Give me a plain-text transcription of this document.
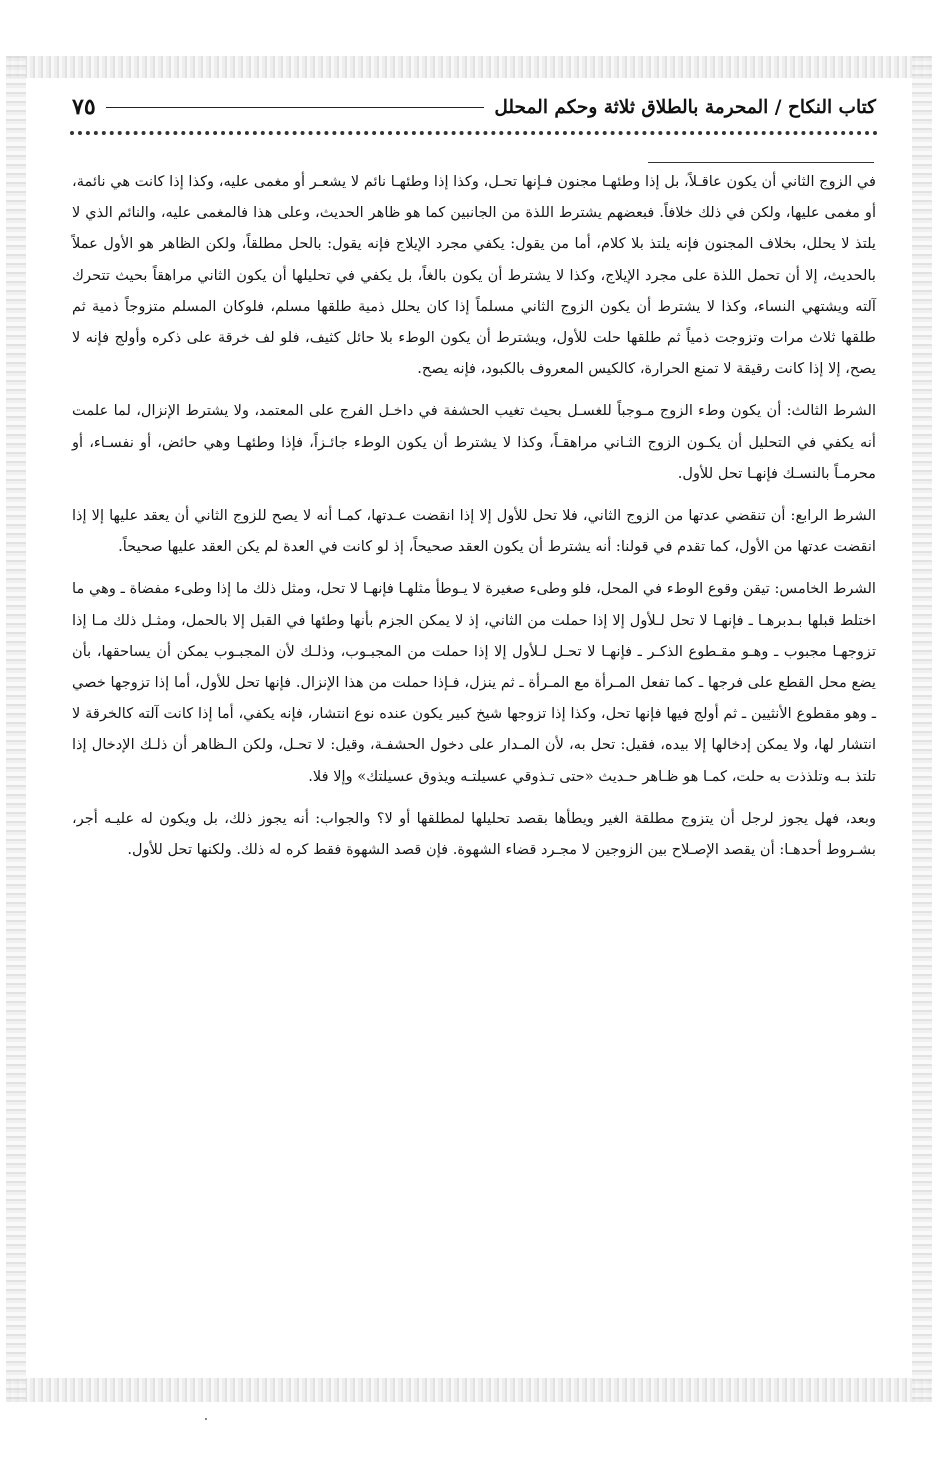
كتاب النكاح / المحرمة بالطلاق ثلاثة وحكم المحلل
٧٥

في الزوج الثاني أن يكون عاقـلاً، بل إذا وطئهـا مجنون فـإنها تحـل، وكذا إذا وطئهـا نائم لا يشعـر أو مغمى عليه، وكذا إذا كانت هي نائمة، أو مغمى عليها، ولكن في ذلك خلافاً. فبعضهم يشترط اللذة من الجانبين كما هو ظاهر الحديث، وعلى هذا فالمغمى عليه، والنائم الذي لا يلتذ لا يحلل، بخلاف المجنون فإنه يلتذ بلا كلام، أما من يقول: يكفي مجرد الإيلاج فإنه يقول: بالحل مطلقاً، ولكن الظاهر هو الأول عملاً بالحديث، إلا أن تحمل اللذة على مجرد الإيلاج، وكذا لا يشترط أن يكون بالغاً، بل يكفي في تحليلها أن يكون الثاني مراهقاً بحيث تتحرك آلته ويشتهي النساء، وكذا لا يشترط أن يكون الزوج الثاني مسلماً إذا كان يحلل ذمية طلقها مسلم، فلوكان المسلم متزوجاً ذمية ثم طلقها ثلاث مرات وتزوجت ذمياً ثم طلقها حلت للأول، ويشترط أن يكون الوطء بلا حائل كثيف، فلو لف خرقة على ذكره وأولج فإنه لا يصح، إلا إذا كانت رقيقة لا تمنع الحرارة، كالكيس المعروف بالكبود، فإنه يصح.

الشرط الثالث: أن يكون وطء الزوج مـوجباً للغسـل بحيث تغيب الحشفة في داخـل الفرج على المعتمد، ولا يشترط الإنزال، لما علمت أنه يكفي في التحليل أن يكـون الزوج الثـاني مراهقـاً، وكذا لا يشترط أن يكون الوطء جائـزاً، فإذا وطئهـا وهي حائض، أو نفسـاء، أو محرمـاً بالنسـك فإنهـا تحل للأول.

الشرط الرابع: أن تنقضي عدتها من الزوج الثاني، فلا تحل للأول إلا إذا انقضت عـدتها، كمـا أنه لا يصح للزوج الثاني أن يعقد عليها إلا إذا انقضت عدتها من الأول، كما تقدم في قولنا: أنه يشترط أن يكون العقد صحيحاً، إذ لو كانت في العدة لم يكن العقد عليها صحيحاً.

الشرط الخامس: تيقن وقوع الوطء في المحل، فلو وطىء صغيرة لا يـوطأ مثلهـا فإنهـا لا تحل، ومثل ذلك ما إذا وطىء مفضاة ـ وهي ما اختلط قبلها بـدبرهـا ـ فإنهـا لا تحل لـلأول إلا إذا حملت من الثاني، إذ لا يمكن الجزم بأنها وطئها في القبل إلا بالحمل، ومثـل ذلك مـا إذا تزوجهـا مجبوب ـ وهـو مقـطوع الذكـر ـ فإنهـا لا تحـل لـلأول إلا إذا حملت من المجبـوب، وذلـك لأن المجبـوب يمكن أن يساحقها، بأن يضع محل القطع على فرجها ـ كما تفعل المـرأة مع المـرأة ـ ثم ينزل، فـإذا حملت من هذا الإنزال. فإنها تحل للأول، أما إذا تزوجها خصي ـ وهو مقطوع الأنثيين ـ ثم أولج فيها فإنها تحل، وكذا إذا تزوجها شيخ كبير يكون عنده نوع انتشار، فإنه يكفي، أما إذا كانت آلته كالخرقة لا انتشار لها، ولا يمكن إدخالها إلا بيده، فقيل: تحل به، لأن المـدار على دخول الحشفـة، وقيل: لا تحـل، ولكن الـظاهر أن ذلـك الإدخال إذا تلتذ بـه وتلذذت به حلت، كمـا هو ظـاهر حـديث «حتى تـذوقي عسيلتـه ويذوق عسيلتك» وإلا فلا.

وبعد، فهل يجوز لرجل أن يتزوج مطلقة الغير ويطأها بقصد تحليلها لمطلقها أو لا؟ والجواب: أنه يجوز ذلك، بل ويكون له عليـه أجر، بشـروط أحدهـا: أن يقصد الإصـلاح بين الزوجين لا مجـرد قضاء الشهوة. فإن قصد الشهوة فقط كره له ذلك. ولكنها تحل للأول.
